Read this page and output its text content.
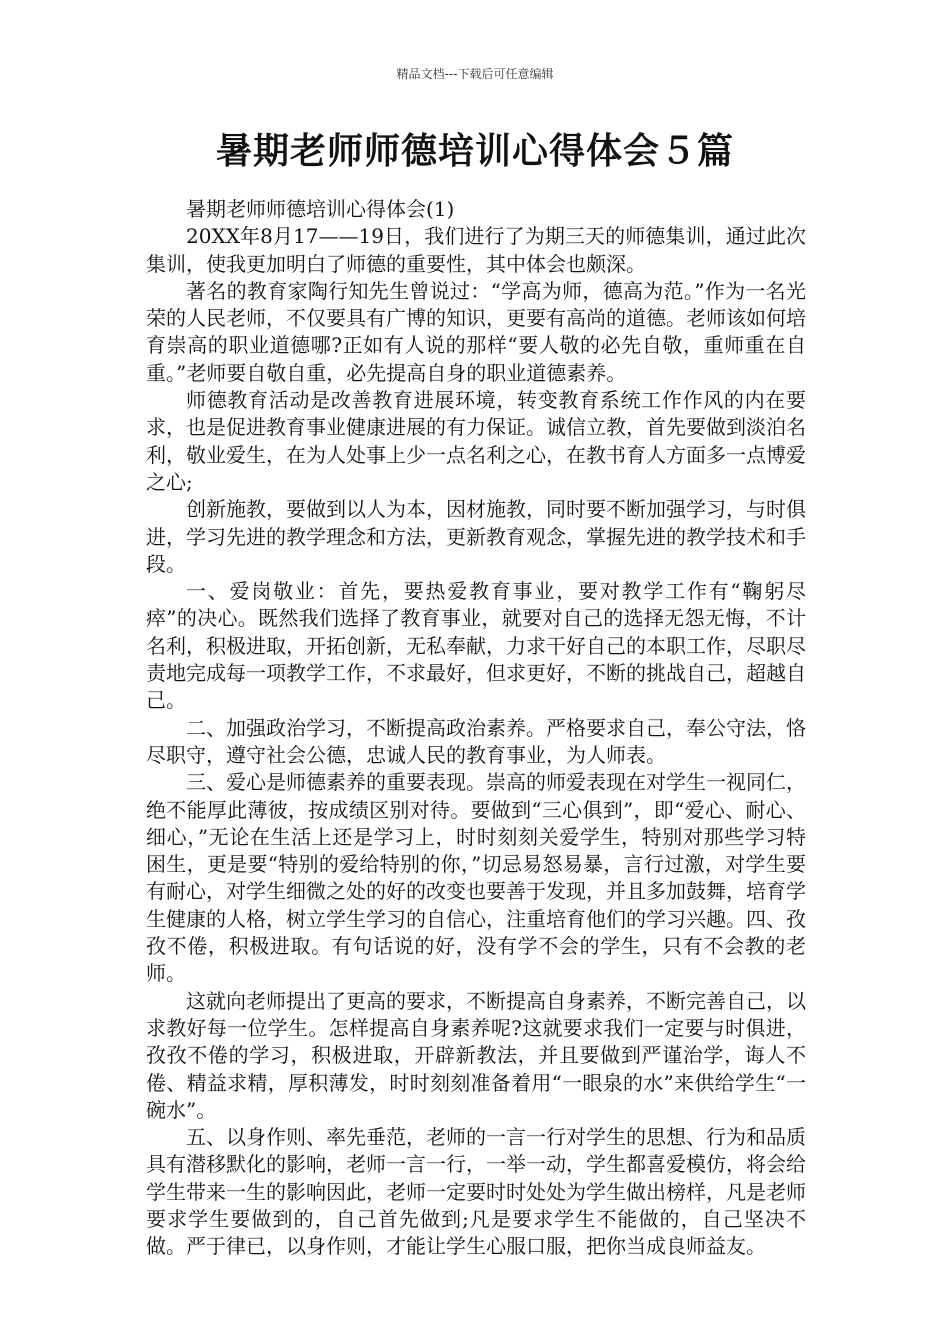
精品文档---下载后可任意编辑
暑期老师师德培训心得体会５篇

暑期老师师德培训心得体会(1)

20XX年8月17——19日，我们进行了为期三天的师德集训，通过此次集训，使我更加明白了师德的重要性，其中体会也颇深。

著名的教育家陶行知先生曾说过：“学高为师，德高为范。”作为一名光荣的人民老师，不仅要具有广博的知识，更要有高尚的道德。老师该如何培育崇高的职业道德哪?正如有人说的那样“要人敬的必先自敬，重师重在自重。”老师要自敬自重，必先提高自身的职业道德素养。

师德教育活动是改善教育进展环境，转变教育系统工作作风的内在要求，也是促进教育事业健康进展的有力保证。诚信立教，首先要做到淡泊名利，敬业爱生，在为人处事上少一点名利之心，在教书育人方面多一点博爱之心;

创新施教，要做到以人为本，因材施教，同时要不断加强学习，与时俱进，学习先进的教学理念和方法，更新教育观念，掌握先进的教学技术和手段。

一、爱岗敬业：首先，要热爱教育事业，要对教学工作有“鞠躬尽瘁”的决心。既然我们选择了教育事业，就要对自己的选择无怨无悔，不计名利，积极进取，开拓创新，无私奉献，力求干好自己的本职工作，尽职尽责地完成每一项教学工作，不求最好，但求更好，不断的挑战自己，超越自己。

二、加强政治学习，不断提高政治素养。严格要求自己，奉公守法，恪尽职守，遵守社会公德，忠诚人民的教育事业，为人师表。

三、爱心是师德素养的重要表现。崇高的师爱表现在对学生一视同仁，绝不能厚此薄彼，按成绩区别对待。要做到“三心俱到”，即“爱心、耐心、细心，”无论在生活上还是学习上，时时刻刻关爱学生，特别对那些学习特困生，更是要“特别的爱给特别的你，”切忌易怒易暴，言行过激，对学生要有耐心，对学生细微之处的好的改变也要善于发现，并且多加鼓舞，培育学生健康的人格，树立学生学习的自信心，注重培育他们的学习兴趣。四、孜孜不倦，积极进取。有句话说的好，没有学不会的学生，只有不会教的老师。

这就向老师提出了更高的要求，不断提高自身素养，不断完善自己，以求教好每一位学生。怎样提高自身素养呢?这就要求我们一定要与时俱进，孜孜不倦的学习，积极进取，开辟新教法，并且要做到严谨治学，诲人不倦、精益求精，厚积薄发，时时刻刻准备着用“一眼泉的水”来供给学生“一碗水”。

五、以身作则、率先垂范，老师的一言一行对学生的思想、行为和品质具有潜移默化的影响，老师一言一行，一举一动，学生都喜爱模仿，将会给学生带来一生的影响因此，老师一定要时时处处为学生做出榜样，凡是老师要求学生要做到的，自己首先做到;凡是要求学生不能做的，自己坚决不做。严于律已，以身作则，才能让学生心服口服，把你当成良师益友。
